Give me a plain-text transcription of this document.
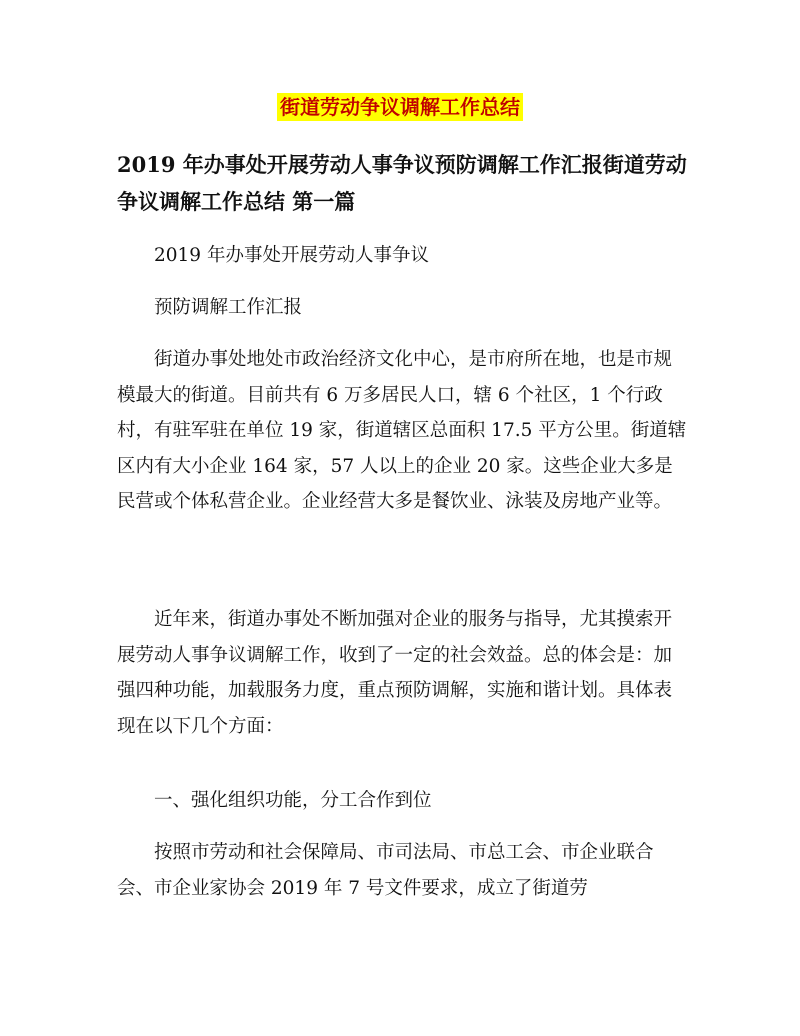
街道劳动争议调解工作总结
2019 年办事处开展劳动人事争议预防调解工作汇报街道劳动争议调解工作总结 第一篇
2019 年办事处开展劳动人事争议
预防调解工作汇报
街道办事处地处市政治经济文化中心，是市府所在地，也是市规模最大的街道。目前共有 6 万多居民人口，辖 6 个社区，1 个行政村，有驻军驻在单位 19 家，街道辖区总面积 17.5 平方公里。街道辖区内有大小企业 164 家，57 人以上的企业 20 家。这些企业大多是民营或个体私营企业。企业经营大多是餐饮业、泳装及房地产业等。
近年来，街道办事处不断加强对企业的服务与指导，尤其摸索开展劳动人事争议调解工作，收到了一定的社会效益。总的体会是：加强四种功能，加载服务力度，重点预防调解，实施和谐计划。具体表现在以下几个方面：
一、强化组织功能，分工合作到位
按照市劳动和社会保障局、市司法局、市总工会、市企业联合会、市企业家协会 2019 年 7 号文件要求，成立了街道劳
